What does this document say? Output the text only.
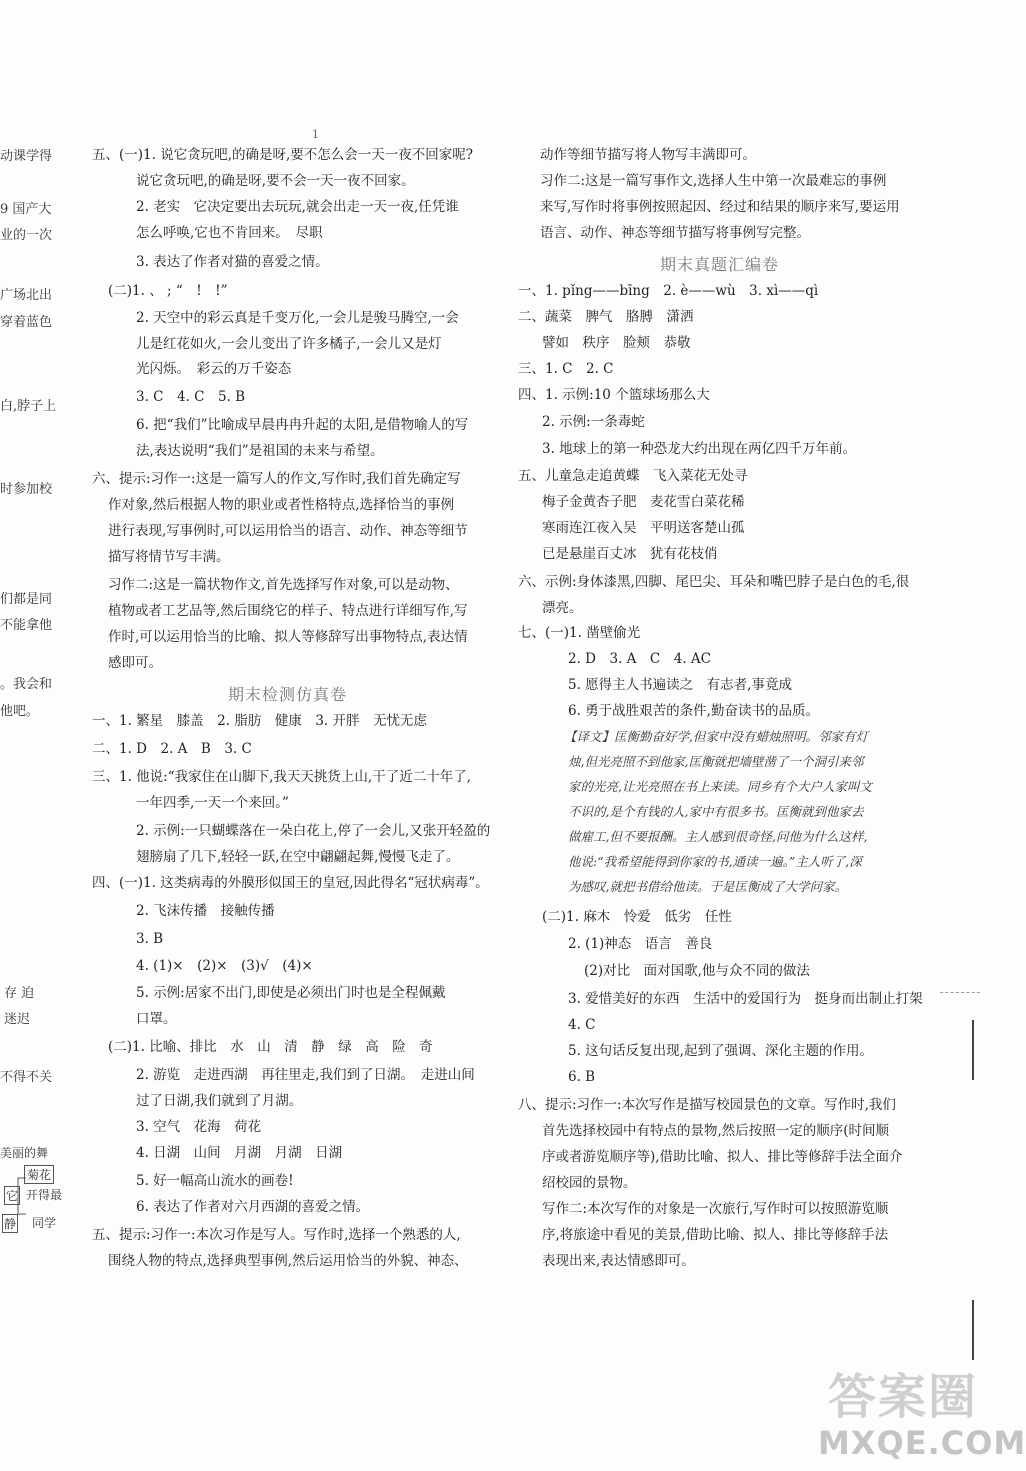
1
动课学得
9 国产大
业的一次
广场北出
穿着蓝色
白,脖子上
时参加校
们都是同
不能拿他
。我会和
他吧。
存 迫
迷迟
不得不关
美丽的舞
菊花
开得最
它
静 同学
五、(一)1. 说它贪玩吧,的确是呀,要不怎么会一天一夜不回家呢?
说它贪玩吧,的确是呀,要不会一天一夜不回家。
2. 老实　它决定要出去玩玩,就会出走一天一夜,任凭谁
怎么呼唤,它也不肯回来。　尽职
3. 表达了作者对猫的喜爱之情。
(二)1. 、 ; “　!　!”
2. 天空中的彩云真是千变万化,一会儿是骏马腾空,一会
儿是红花如火,一会儿变出了许多橘子,一会儿又是灯
光闪烁。　彩云的万千姿态
3. C　4. C　5. B
6. 把“我们”比喻成早晨冉冉升起的太阳,是借物喻人的写
法,表达说明“我们”是祖国的未来与希望。
六、提示:习作一:这是一篇写人的作文,写作时,我们首先确定写
作对象,然后根据人物的职业或者性格特点,选择恰当的事例
进行表现,写事例时,可以运用恰当的语言、动作、神态等细节
描写将情节写丰满。
习作二:这是一篇状物作文,首先选择写作对象,可以是动物、
植物或者工艺品等,然后围绕它的样子、特点进行详细写作,写
作时,可以运用恰当的比喻、拟人等修辞写出事物特点,表达情
感即可。
期末检测仿真卷
一、1. 繁星　膝盖　2. 脂肪　健康　3. 开胖　无忧无虑
二、1. D　2. A　B　3. C
三、1. 他说:“我家住在山脚下,我天天挑货上山,干了近二十年了,
一年四季,一天一个来回。”
2. 示例:一只蝴蝶落在一朵白花上,停了一会儿,又张开轻盈的
翅膀扇了几下,轻轻一跃,在空中翩翩起舞,慢慢飞走了。
四、(一)1. 这类病毒的外膜形似国王的皇冠,因此得名“冠状病毒”。
2. 飞沫传播　接触传播
3. B
4. (1)×　(2)×　(3)√　(4)×
5. 示例:居家不出门,即使是必须出门时也是全程佩戴
口罩。
(二)1. 比喻、排比　水　山　清　静　绿　高　险　奇
2. 游览　走进西湖　再往里走,我们到了日湖。　走进山间
过了日湖,我们就到了月湖。
3. 空气　花海　荷花
4. 日湖　山间　月湖　月湖　日湖
5. 好一幅高山流水的画卷!
6. 表达了作者对六月西湖的喜爱之情。
五、提示:习作一:本次习作是写人。写作时,选择一个熟悉的人,
围绕人物的特点,选择典型事例,然后运用恰当的外貌、神态、
动作等细节描写将人物写丰满即可。
习作二:这是一篇写事作文,选择人生中第一次最难忘的事例
来写,写作时将事例按照起因、经过和结果的顺序来写,要运用
语言、动作、神态等细节描写将事例写完整。
期末真题汇编卷
一、1. pǐng——bīng　2. è——wù　3. xì——qì
二、蔬菜　脾气　胳膊　潇洒
譬如　秩序　脸颊　恭敬
三、1. C　2. C
四、1. 示例:10 个篮球场那么大
2. 示例:一条毒蛇
3. 地球上的第一种恐龙大约出现在两亿四千万年前。
五、儿童急走追黄蝶　飞入菜花无处寻
梅子金黄杏子肥　麦花雪白菜花稀
寒雨连江夜入吴　平明送客楚山孤
已是悬崖百丈冰　犹有花枝俏
六、示例:身体漆黑,四脚、尾巴尖、耳朵和嘴巴脖子是白色的毛,很
漂亮。
七、(一)1. 凿壁偷光
2. D　3. A　C　4. AC
5. 愿得主人书遍读之　有志者,事竟成
6. 勇于战胜艰苦的条件,勤奋读书的品质。
【译文】匡衡勤奋好学,但家中没有蜡烛照明。邻家有灯
烛,但光亮照不到他家,匡衡就把墙壁凿了一个洞引来邻
家的光亮,让光亮照在书上来读。同乡有个大户人家叫文
不识的,是个有钱的人,家中有很多书。匡衡就到他家去
做雇工,但不要报酬。主人感到很奇怪,问他为什么这样,
他说:“我希望能得到你家的书,通读一遍。”主人听了,深
为感叹,就把书借给他读。于是匡衡成了大学问家。
(二)1. 麻木　怜爱　低劣　任性
2. (1)神态　语言　善良
(2)对比　面对国歌,他与众不同的做法
3. 爱惜美好的东西　生活中的爱国行为　挺身而出制止打架
4. C
5. 这句话反复出现,起到了强调、深化主题的作用。
6. B
八、提示:习作一:本次写作是描写校园景色的文章。写作时,我们
首先选择校园中有特点的景物,然后按照一定的顺序(时间顺
序或者游览顺序等),借助比喻、拟人、排比等修辞手法全面介
绍校园的景物。
写作二:本次写作的对象是一次旅行,写作时可以按照游览顺
序,将旅途中看见的美景,借助比喻、拟人、排比等修辞手法
表现出来,表达情感即可。
答案圈
MXQE.COM
